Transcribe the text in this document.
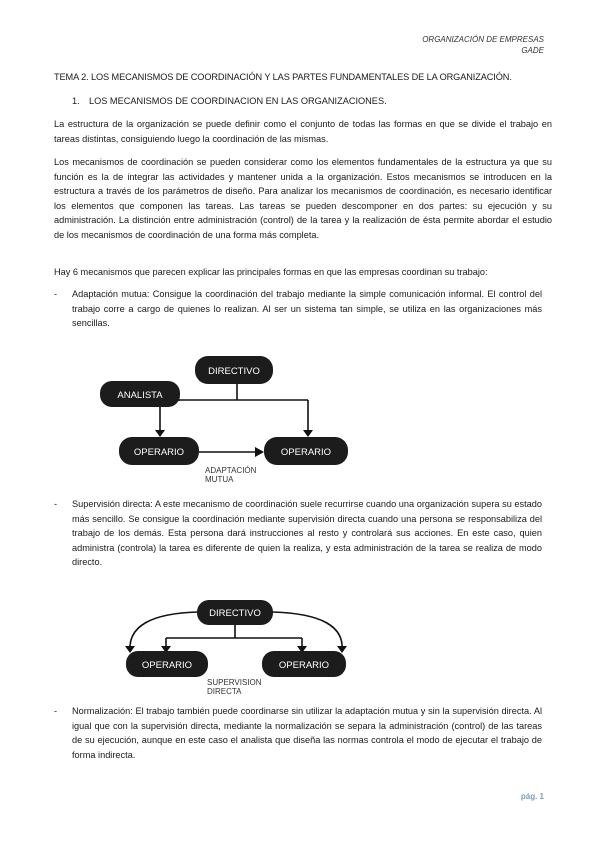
ORGANIZACIÓN DE EMPRESAS
GADE
TEMA 2. LOS MECANISMOS DE COORDINACIÓN Y LAS PARTES FUNDAMENTALES DE LA ORGANIZACIÓN.
1. LOS MECANISMOS DE COORDINACION EN LAS ORGANIZACIONES.

La estructura de la organización se puede definir como el conjunto de todas las formas en que se divide el trabajo en tareas distintas, consiguiendo luego la coordinación de las mismas.

Los mecanismos de coordinación se pueden considerar como los elementos fundamentales de la estructura ya que su función es la de integrar las actividades y mantener unida a la organización. Estos mecanismos se introducen en la estructura a través de los parámetros de diseño. Para analizar los mecanismos de coordinación, es necesario identificar los elementos que componen las tareas. Las tareas se pueden descomponer en dos partes: su ejecución y su administración. La distinción entre administración (control) de la tarea y la realización de ésta permite abordar el estudio de los mecanismos de coordinación de una forma más completa.

Hay 6 mecanismos que parecen explicar las principales formas en que las empresas coordinan su trabajo:

- Adaptación mutua: Consigue la coordinación del trabajo mediante la simple comunicación informal. El control del trabajo corre a cargo de quienes lo realizan. Al ser un sistema tan simple, se utiliza en las organizaciones más sencillas.
DIRECTIVO
ANALISTA
OPERARIO	OPERARIO
ADAPTACIÓN
MUTUA
- Supervisión directa: A este mecanismo de coordinación suele recurrirse cuando una organización supera su estado más sencillo. Se consigue la coordinación mediante supervisión directa cuando una persona se responsabiliza del trabajo de los demás. Esta persona dará instrucciones al resto y controlará sus acciones. En este caso, quien administra (controla) la tarea es diferente de quien la realiza, y esta administración de la tarea se realiza de modo directo.
DIRECTIVO
OPERARIO	OPERARIO
SUPERVISION
DIRECTA
- Normalización: El trabajo también puede coordinarse sin utilizar la adaptación mutua y sin la supervisión directa. Al igual que con la supervisión directa, mediante la normalización se separa la administración (control) de las tareas de su ejecución, aunque en este caso el analista que diseña las normas controla el modo de ejecutar el trabajo de forma indirecta.
pág. 1
